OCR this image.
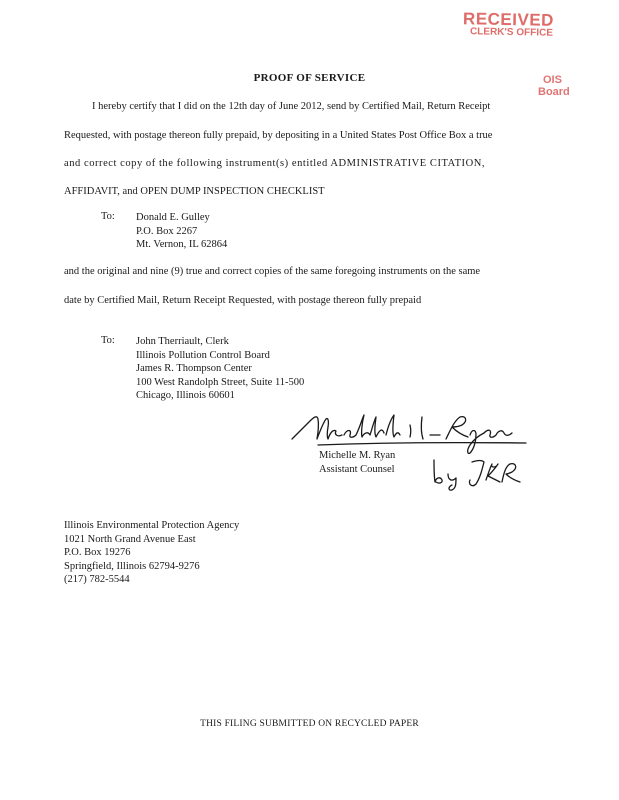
RECEIVED
CLERK'S OFFICE
OIS
Board
PROOF OF SERVICE
I hereby certify that I did on the 12th day of June 2012, send by Certified Mail, Return Receipt
Requested, with postage thereon fully prepaid, by depositing in a United States Post Office Box a true
and correct copy of the following instrument(s) entitled ADMINISTRATIVE CITATION,
AFFIDAVIT, and OPEN DUMP INSPECTION CHECKLIST
To: Donald E. Gulley
P.O. Box 2267
Mt. Vernon, IL 62864
and the original and nine (9) true and correct copies of the same foregoing instruments on the same
date by Certified Mail, Return Receipt Requested, with postage thereon fully prepaid
To: John Therriault, Clerk
Illinois Pollution Control Board
James R. Thompson Center
100 West Randolph Street, Suite 11-500
Chicago, Illinois 60601
Michelle M. Ryan
Assistant Counsel
Illinois Environmental Protection Agency
1021 North Grand Avenue East
P.O. Box 19276
Springfield, Illinois 62794-9276
(217) 782-5544
THIS FILING SUBMITTED ON RECYCLED PAPER
